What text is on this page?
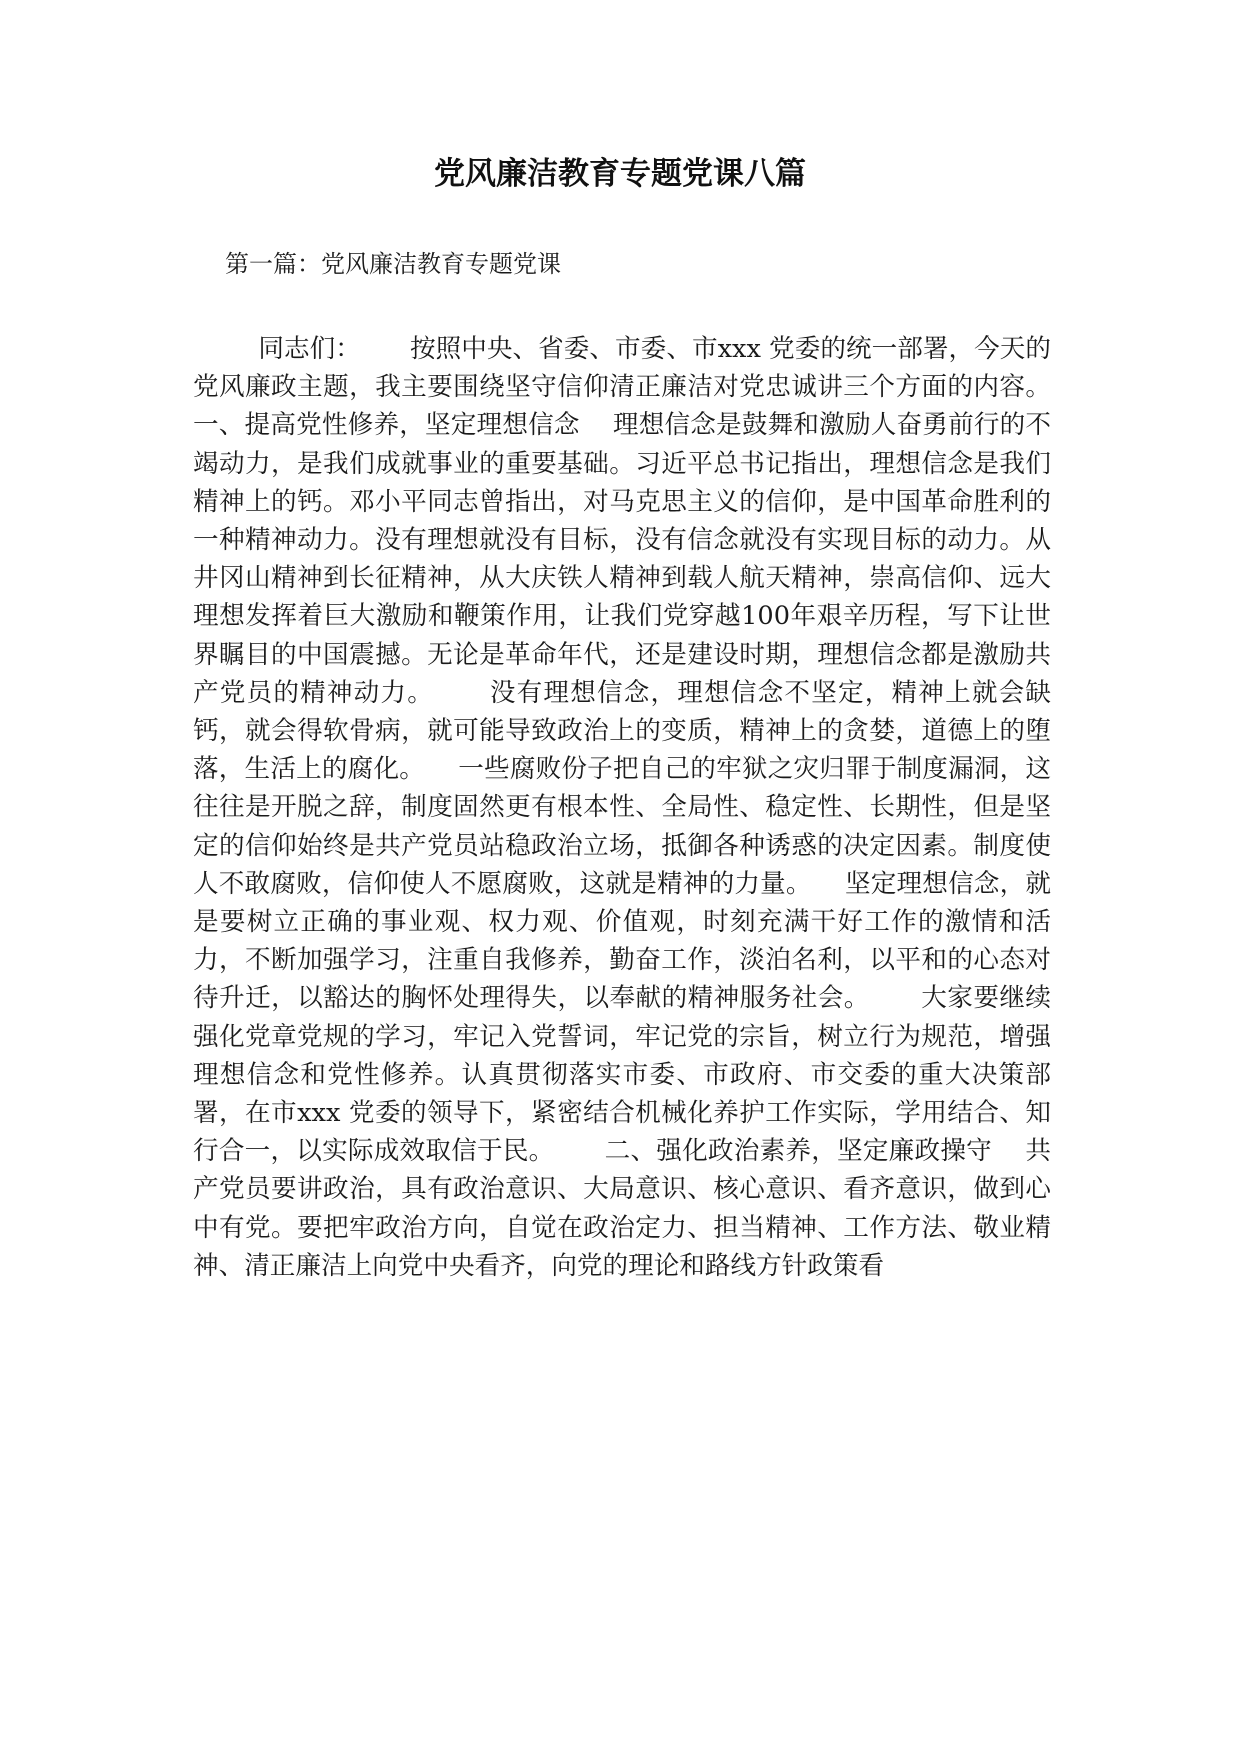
党风廉洁教育专题党课八篇

第一篇：党风廉洁教育专题党课

同志们：      按照中央、省委、市委、市xxx 党委的统一部署，今天的党风廉政主题，我主要围绕坚守信仰清正廉洁对党忠诚讲三个方面的内容。      一、提高党性修养，坚定理想信念    理想信念是鼓舞和激励人奋勇前行的不竭动力，是我们成就事业的重要基础。习近平总书记指出，理想信念是我们精神上的钙。邓小平同志曾指出，对马克思主义的信仰，是中国革命胜利的一种精神动力。没有理想就没有目标，没有信念就没有实现目标的动力。从井冈山精神到长征精神，从大庆铁人精神到载人航天精神，崇高信仰、远大理想发挥着巨大激励和鞭策作用，让我们党穿越100年艰辛历程，写下让世界瞩目的中国震撼。无论是革命年代，还是建设时期，理想信念都是激励共产党员的精神动力。      没有理想信念，理想信念不坚定，精神上就会缺钙，就会得软骨病，就可能导致政治上的变质，精神上的贪婪，道德上的堕落，生活上的腐化。    一些腐败份子把自己的牢狱之灾归罪于制度漏洞，这往往是开脱之辞，制度固然更有根本性、全局性、稳定性、长期性，但是坚定的信仰始终是共产党员站稳政治立场，抵御各种诱惑的决定因素。制度使人不敢腐败，信仰使人不愿腐败，这就是精神的力量。    坚定理想信念，就是要树立正确的事业观、权力观、价值观，时刻充满干好工作的激情和活力，不断加强学习，注重自我修养，勤奋工作，淡泊名利，以平和的心态对待升迁，以豁达的胸怀处理得失，以奉献的精神服务社会。      大家要继续强化党章党规的学习，牢记入党誓词，牢记党的宗旨，树立行为规范，增强理想信念和党性修养。认真贯彻落实市委、市政府、市交委的重大决策部署，在市xxx 党委的领导下，紧密结合机械化养护工作实际，学用结合、知行合一，以实际成效取信于民。      二、强化政治素养，坚定廉政操守    共产党员要讲政治，具有政治意识、大局意识、核心意识、看齐意识，做到心中有党。要把牢政治方向，自觉在政治定力、担当精神、工作方法、敬业精神、清正廉洁上向党中央看齐，向党的理论和路线方针政策看
